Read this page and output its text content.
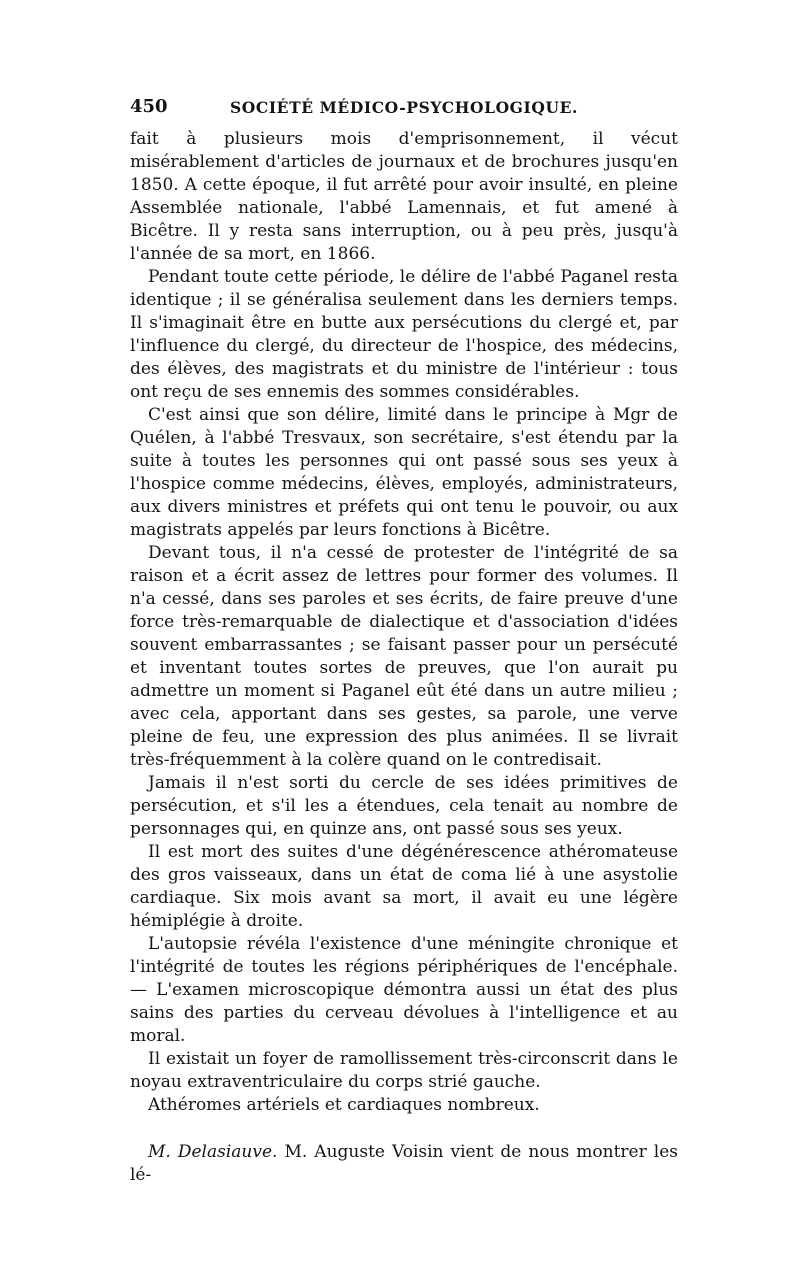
450	SOCIÉTÉ MÉDICO-PSYCHOLOGIQUE.

fait à plusieurs mois d'emprisonnement, il vécut misérablement d'articles de journaux et de brochures jusqu'en 1850. A cette époque, il fut arrêté pour avoir insulté, en pleine Assemblée nationale, l'abbé Lamennais, et fut amené à Bicêtre. Il y resta sans interruption, ou à peu près, jusqu'à l'année de sa mort, en 1866.

Pendant toute cette période, le délire de l'abbé Paganel resta identique ; il se généralisa seulement dans les derniers temps. Il s'imaginait être en butte aux persécutions du clergé et, par l'influence du clergé, du directeur de l'hospice, des médecins, des élèves, des magistrats et du ministre de l'intérieur : tous ont reçu de ses ennemis des sommes considérables.

C'est ainsi que son délire, limité dans le principe à Mgr de Quélen, à l'abbé Tresvaux, son secrétaire, s'est étendu par la suite à toutes les personnes qui ont passé sous ses yeux à l'hospice comme médecins, élèves, employés, administrateurs, aux divers ministres et préfets qui ont tenu le pouvoir, ou aux magistrats appelés par leurs fonctions à Bicêtre.

Devant tous, il n'a cessé de protester de l'intégrité de sa raison et a écrit assez de lettres pour former des volumes. Il n'a cessé, dans ses paroles et ses écrits, de faire preuve d'une force très-remarquable de dialectique et d'association d'idées souvent embarrassantes ; se faisant passer pour un persécuté et inventant toutes sortes de preuves, que l'on aurait pu admettre un moment si Paganel eût été dans un autre milieu ; avec cela, apportant dans ses gestes, sa parole, une verve pleine de feu, une expression des plus animées. Il se livrait très-fréquemment à la colère quand on le contredisait.

Jamais il n'est sorti du cercle de ses idées primitives de persécution, et s'il les a étendues, cela tenait au nombre de personnages qui, en quinze ans, ont passé sous ses yeux.

Il est mort des suites d'une dégénérescence athéromateuse des gros vaisseaux, dans un état de coma lié à une asystolie cardiaque. Six mois avant sa mort, il avait eu une légère hémiplégie à droite.

L'autopsie révéla l'existence d'une méningite chronique et l'intégrité de toutes les régions périphériques de l'encéphale. — L'examen microscopique démontra aussi un état des plus sains des parties du cerveau dévolues à l'intelligence et au moral.

Il existait un foyer de ramollissement très-circonscrit dans le noyau extraventriculaire du corps strié gauche.

Athéromes artériels et cardiaques nombreux.

M. Delasiauve. M. Auguste Voisin vient de nous montrer les lé-
